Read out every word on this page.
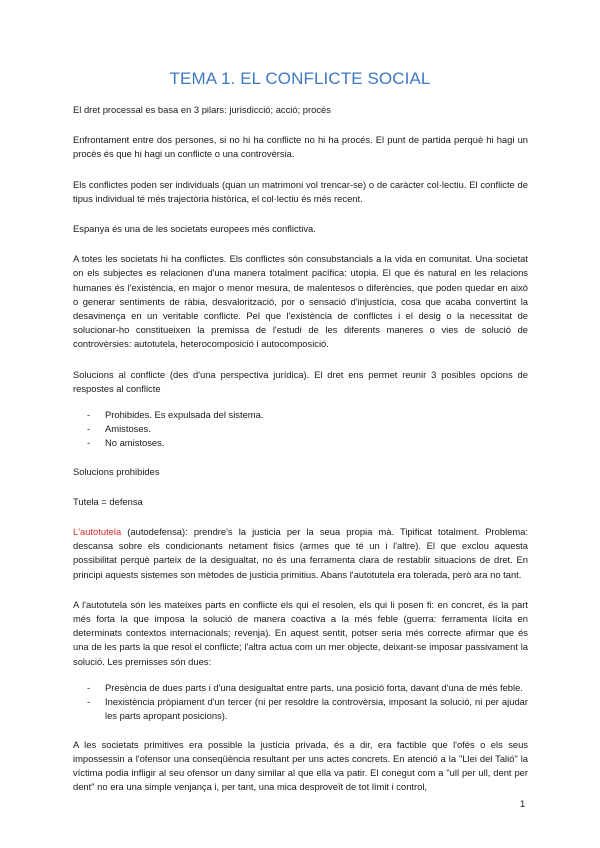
TEMA 1. EL CONFLICTE SOCIAL

El dret processal es basa en 3 pilars: jurisdicció; acció; procés

Enfrontament entre dos persones, si no hi ha conflicte no hi ha procés. El punt de partida perquè hi hagi un procés és que hi hagi un conflicte o una controvèrsia.

Els conflictes poden ser individuals (quan un matrimoni vol trencar-se) o de caràcter col·lectiu. El conflicte de tipus individual té més trajectòria històrica, el col·lectiu és més recent.

Espanya és una de les societats europees més conflictiva.

A totes les societats hi ha conflictes. Els conflictes són consubstancials a la vida en comunitat. Una societat on els subjectes es relacionen d'una manera totalment pacífica: utopia. El que és natural en les relacions humanes és l'existència, en major o menor mesura, de malentesos o diferències, que poden quedar en això o generar sentiments de ràbia, desvalorització, por o sensació d'injustícia, cosa que acaba convertint la desavinença en un veritable conflicte. Pel que l'existència de conflictes i el desig o la necessitat de solucionar-ho constitueixen la premissa de l'estudi de les diferents maneres o vies de solució de controvèrsies: autotutela, heterocomposició i autocomposició.

Solucions al conflicte (des d'una perspectiva jurídica). El dret ens permet reunir 3 posibles opcions de respostes al conflicte

- Prohibides. Es expulsada del sistema.
- Amistoses.
- No amistoses.

Solucions prohibides

Tutela = defensa

L'autotutela (autodefensa): prendre's la justicia per la seua propia mà. Tipificat totalment. Problema: descansa sobre els condicionants netament fisics (armes que té un i l'altre). El que exclou aquesta possibilitat perquè parteix de la desigualtat, no és una ferramenta clara de restablir situacions de dret. En principi aquests sistemes son mètodes de justicia primitius. Abans l'autotutela era tolerada, però ara no tant.

A l'autotutela són les mateixes parts en conflicte els qui el resolen, els qui li posen fi: en concret, és la part més forta la que imposa la solució de manera coactiva a la més feble (guerra: ferramenta lícita en determinats contextos internacionals; revenja). En aquest sentit, potser seria més correcte afirmar que és una de les parts la que resol el conflicte; l'altra actua com un mer objecte, deixant-se imposar passivament la solució. Les premisses són dues:

- Presència de dues parts i d'una desigualtat entre parts, una posició forta, davant d'una de més feble.
- Inexistència pròpiament d'un tercer (ni per resoldre la controvèrsia, imposant la solució, ni per ajudar les parts apropant posicions).

A les societats primitives era possible la justícia privada, és a dir, era factible que l'ofès o els seus impossessin a l'ofensor una conseqüència resultant per uns actes concrets. En atenció a la "Llei del Talió" la víctima podia infligir al seu ofensor un dany similar al que ella va patir. El conegut com a "ull per ull, dent per dent" no era una simple venjança i, per tant, una mica desproveït de tot límit i control,

1
